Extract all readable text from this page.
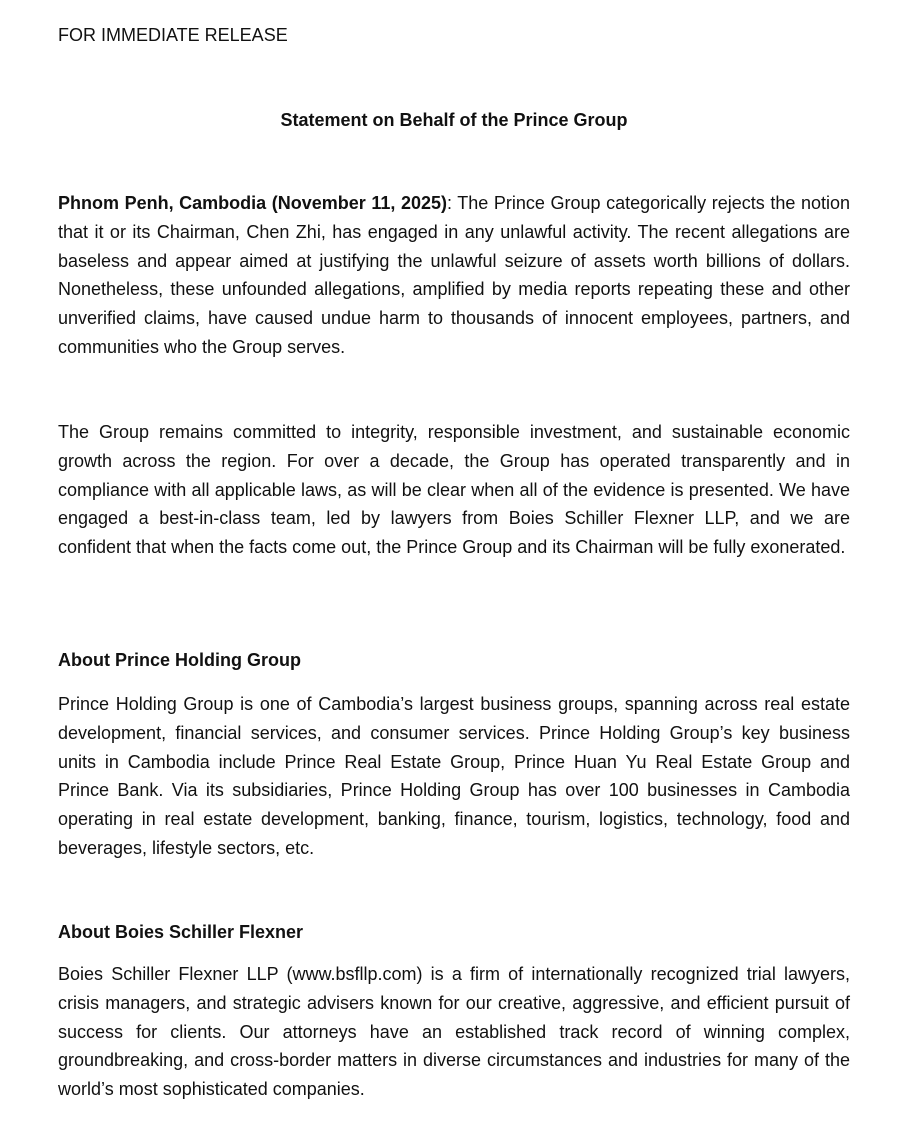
FOR IMMEDIATE RELEASE

Statement on Behalf of the Prince Group

Phnom Penh, Cambodia (November 11, 2025): The Prince Group categorically rejects the notion that it or its Chairman, Chen Zhi, has engaged in any unlawful activity. The recent allegations are baseless and appear aimed at justifying the unlawful seizure of assets worth billions of dollars. Nonetheless, these unfounded allegations, amplified by media reports repeating these and other unverified claims, have caused undue harm to thousands of innocent employees, partners, and communities who the Group serves.

The Group remains committed to integrity, responsible investment, and sustainable economic growth across the region. For over a decade, the Group has operated transparently and in compliance with all applicable laws, as will be clear when all of the evidence is presented. We have engaged a best-in-class team, led by lawyers from Boies Schiller Flexner LLP, and we are confident that when the facts come out, the Prince Group and its Chairman will be fully exonerated.

About Prince Holding Group

Prince Holding Group is one of Cambodia’s largest business groups, spanning across real estate development, financial services, and consumer services. Prince Holding Group’s key business units in Cambodia include Prince Real Estate Group, Prince Huan Yu Real Estate Group and Prince Bank. Via its subsidiaries, Prince Holding Group has over 100 businesses in Cambodia operating in real estate development, banking, finance, tourism, logistics, technology, food and beverages, lifestyle sectors, etc.

About Boies Schiller Flexner

Boies Schiller Flexner LLP (www.bsfllp.com) is a firm of internationally recognized trial lawyers, crisis managers, and strategic advisers known for our creative, aggressive, and efficient pursuit of success for clients. Our attorneys have an established track record of winning complex, groundbreaking, and cross-border matters in diverse circumstances and industries for many of the world’s most sophisticated companies.
